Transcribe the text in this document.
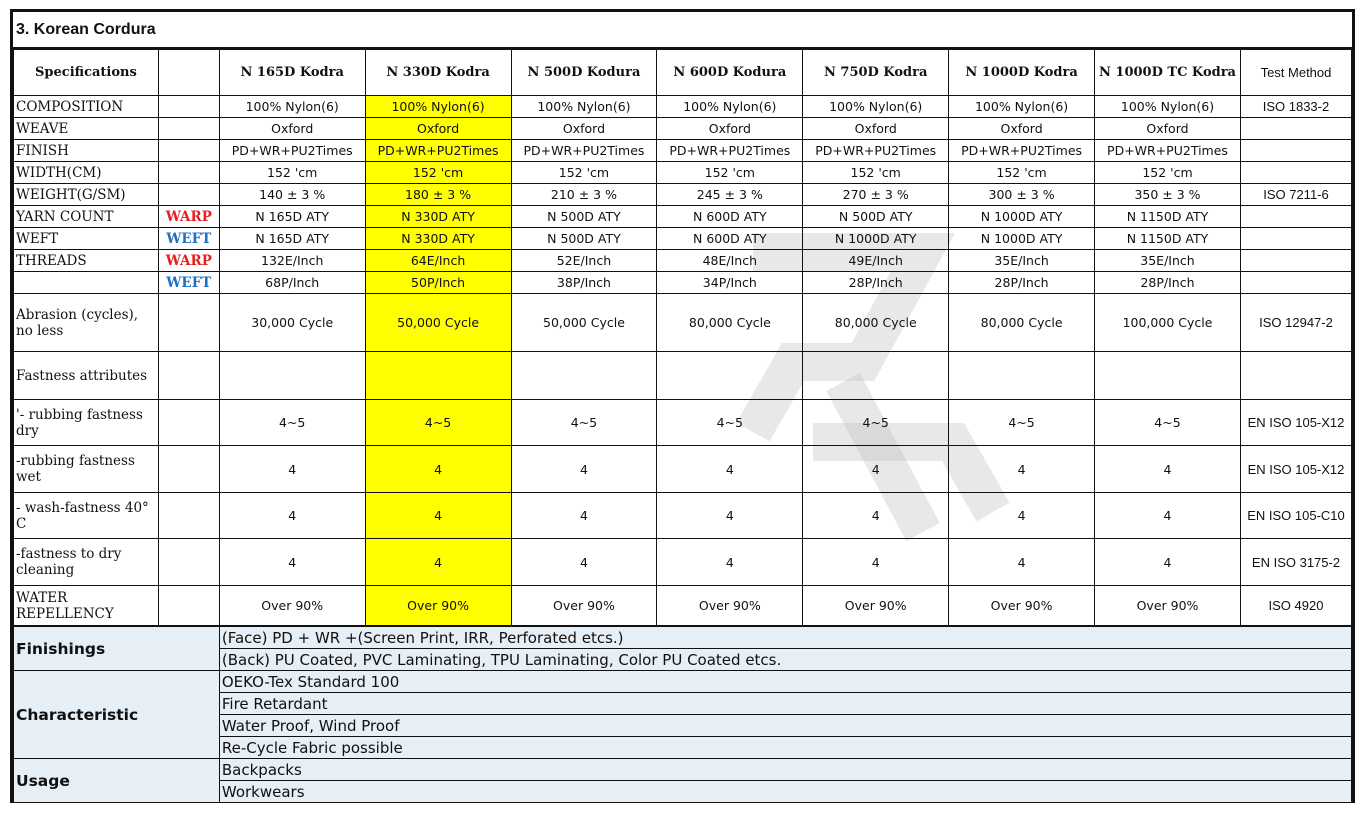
3. Korean Cordura
Specifications		N 165D Kodra	N 330D Kodra	N 500D Kodura	N 600D Kodura	N 750D Kodra	N 1000D Kodra	N 1000D TC Kodra	Test Method
COMPOSITION		100% Nylon(6)	100% Nylon(6)	100% Nylon(6)	100% Nylon(6)	100% Nylon(6)	100% Nylon(6)	100% Nylon(6)	ISO 1833-2
WEAVE		Oxford	Oxford	Oxford	Oxford	Oxford	Oxford	Oxford	
FINISH		PD+WR+PU2Times	PD+WR+PU2Times	PD+WR+PU2Times	PD+WR+PU2Times	PD+WR+PU2Times	PD+WR+PU2Times	PD+WR+PU2Times	
WIDTH(CM)		152 'cm	152 'cm	152 'cm	152 'cm	152 'cm	152 'cm	152 'cm	
WEIGHT(G/SM)		140 ± 3 %	180 ± 3 %	210 ± 3 %	245 ± 3 %	270 ± 3 %	300 ± 3 %	350 ± 3 %	ISO 7211-6
YARN COUNT	WARP	N 165D ATY	N 330D ATY	N 500D ATY	N 600D ATY	N 500D ATY	N 1000D ATY	N 1150D ATY	
WEFT	WEFT	N 165D ATY	N 330D ATY	N 500D ATY	N 600D ATY	N 1000D ATY	N 1000D ATY	N 1150D ATY	
THREADS	WARP	132E/Inch	64E/Inch	52E/Inch	48E/Inch	49E/Inch	35E/Inch	35E/Inch	
	WEFT	68P/Inch	50P/Inch	38P/Inch	34P/Inch	28P/Inch	28P/Inch	28P/Inch	
Abrasion (cycles), no less		30,000 Cycle	50,000 Cycle	50,000 Cycle	80,000 Cycle	80,000 Cycle	80,000 Cycle	100,000 Cycle	ISO 12947-2
Fastness attributes									
'- rubbing fastness dry		4~5	4~5	4~5	4~5	4~5	4~5	4~5	EN ISO 105-X12
-rubbing fastness wet		4	4	4	4	4	4	4	EN ISO 105-X12
- wash-fastness 40° C		4	4	4	4	4	4	4	EN ISO 105-C10
-fastness to dry cleaning		4	4	4	4	4	4	4	EN ISO 3175-2
WATER REPELLENCY		Over 90%	Over 90%	Over 90%	Over 90%	Over 90%	Over 90%	Over 90%	ISO 4920
Finishings	(Face) PD + WR +(Screen Print, IRR, Perforated etcs.)
	(Back) PU Coated, PVC Laminating, TPU Laminating, Color PU Coated etcs.
Characteristic	OEKO-Tex Standard 100
	Fire Retardant
	Water Proof, Wind Proof
	Re-Cycle Fabric possible
Usage	Backpacks
	Workwears
